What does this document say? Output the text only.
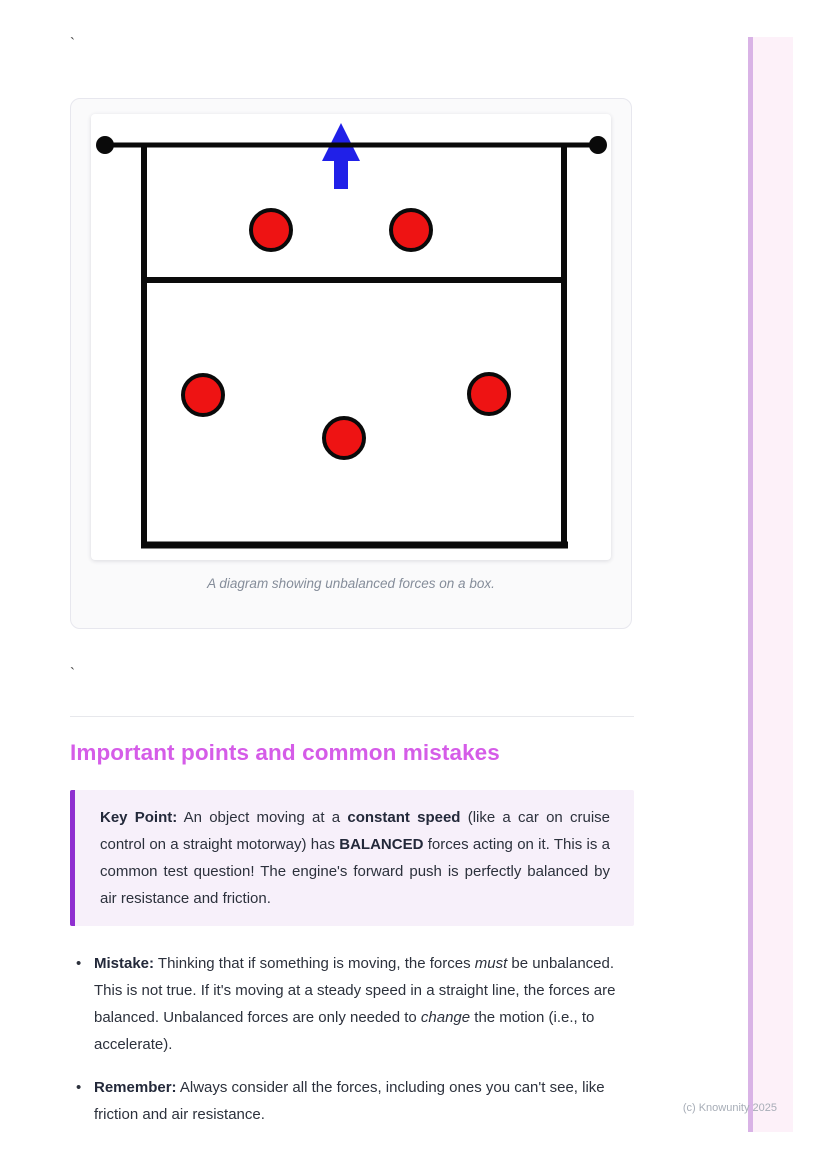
`
A diagram showing unbalanced forces on a box.
`
Important points and common mistakes

Key Point: An object moving at a constant speed (like a car on cruise control on a straight motorway) has BALANCED forces acting on it. This is a common test question! The engine's forward push is perfectly balanced by air resistance and friction.

• Mistake: Thinking that if something is moving, the forces must be unbalanced. This is not true. If it's moving at a steady speed in a straight line, the forces are balanced. Unbalanced forces are only needed to change the motion (i.e., to accelerate).
• Remember: Always consider all the forces, including ones you can't see, like friction and air resistance.	(c) Knowunity 2025
